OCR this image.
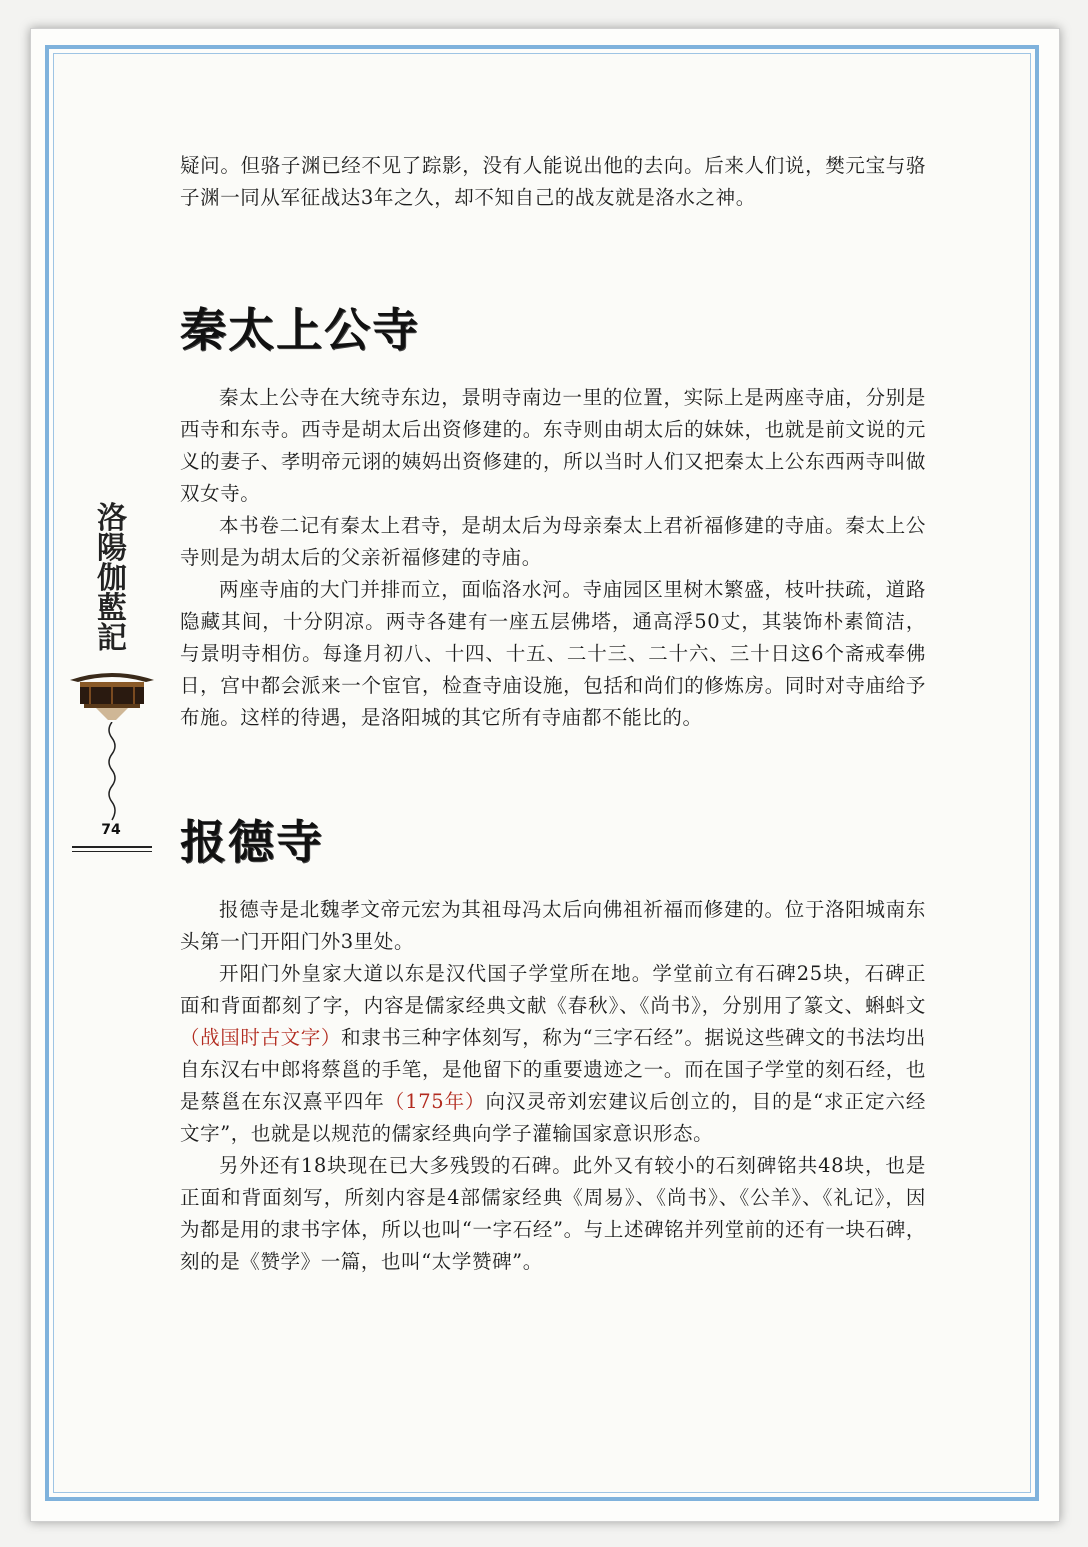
洛
陽
伽
藍
記
74

疑问。但骆子渊已经不见了踪影，没有人能说出他的去向。后来人们说，樊元宝与骆子渊一同从军征战达3年之久，却不知自己的战友就是洛水之神。

秦太上公寺

秦太上公寺在大统寺东边，景明寺南边一里的位置，实际上是两座寺庙，分别是西寺和东寺。西寺是胡太后出资修建的。东寺则由胡太后的妹妹，也就是前文说的元义的妻子、孝明帝元诩的姨妈出资修建的，所以当时人们又把秦太上公东西两寺叫做双女寺。

本书卷二记有秦太上君寺，是胡太后为母亲秦太上君祈福修建的寺庙。秦太上公寺则是为胡太后的父亲祈福修建的寺庙。

两座寺庙的大门并排而立，面临洛水河。寺庙园区里树木繁盛，枝叶扶疏，道路隐藏其间，十分阴凉。两寺各建有一座五层佛塔，通高浮50丈，其装饰朴素简洁，与景明寺相仿。每逢月初八、十四、十五、二十三、二十六、三十日这6个斋戒奉佛日，宫中都会派来一个宦官，检查寺庙设施，包括和尚们的修炼房。同时对寺庙给予布施。这样的待遇，是洛阳城的其它所有寺庙都不能比的。

报德寺

报德寺是北魏孝文帝元宏为其祖母冯太后向佛祖祈福而修建的。位于洛阳城南东头第一门开阳门外3里处。

开阳门外皇家大道以东是汉代国子学堂所在地。学堂前立有石碑25块，石碑正面和背面都刻了字，内容是儒家经典文献《春秋》、《尚书》，分别用了篆文、蝌蚪文（战国时古文字）和隶书三种字体刻写，称为“三字石经”。据说这些碑文的书法均出自东汉右中郎将蔡邕的手笔，是他留下的重要遗迹之一。而在国子学堂的刻石经，也是蔡邕在东汉熹平四年（175年）向汉灵帝刘宏建议后创立的，目的是“求正定六经文字”，也就是以规范的儒家经典向学子灌输国家意识形态。

另外还有18块现在已大多残毁的石碑。此外又有较小的石刻碑铭共48块，也是正面和背面刻写，所刻内容是4部儒家经典《周易》、《尚书》、《公羊》、《礼记》，因为都是用的隶书字体，所以也叫“一字石经”。与上述碑铭并列堂前的还有一块石碑，刻的是《赞学》一篇，也叫“太学赞碑”。
